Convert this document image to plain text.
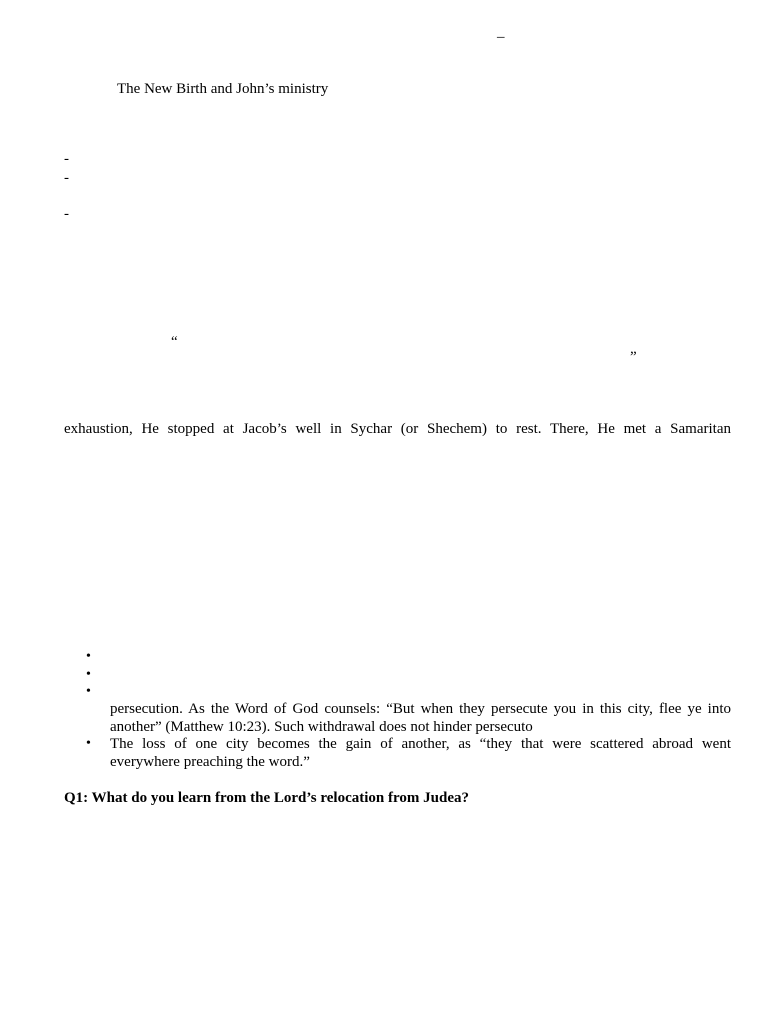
–
The New Birth and John’s ministry
-
-
-
“
”
exhaustion, He stopped at Jacob’s well in Sychar (or Shechem) to rest. There, He met a Samaritan
•
•
•
persecution. As the Word of God counsels: “But when they persecute you in this city, flee ye into
another” (Matthew 10:23). Such withdrawal does not hinder persecuto
• The loss of one city becomes the gain of another, as “they that were scattered abroad went
everywhere preaching the word.”
Q1: What do you learn from the Lord’s relocation from Judea?
